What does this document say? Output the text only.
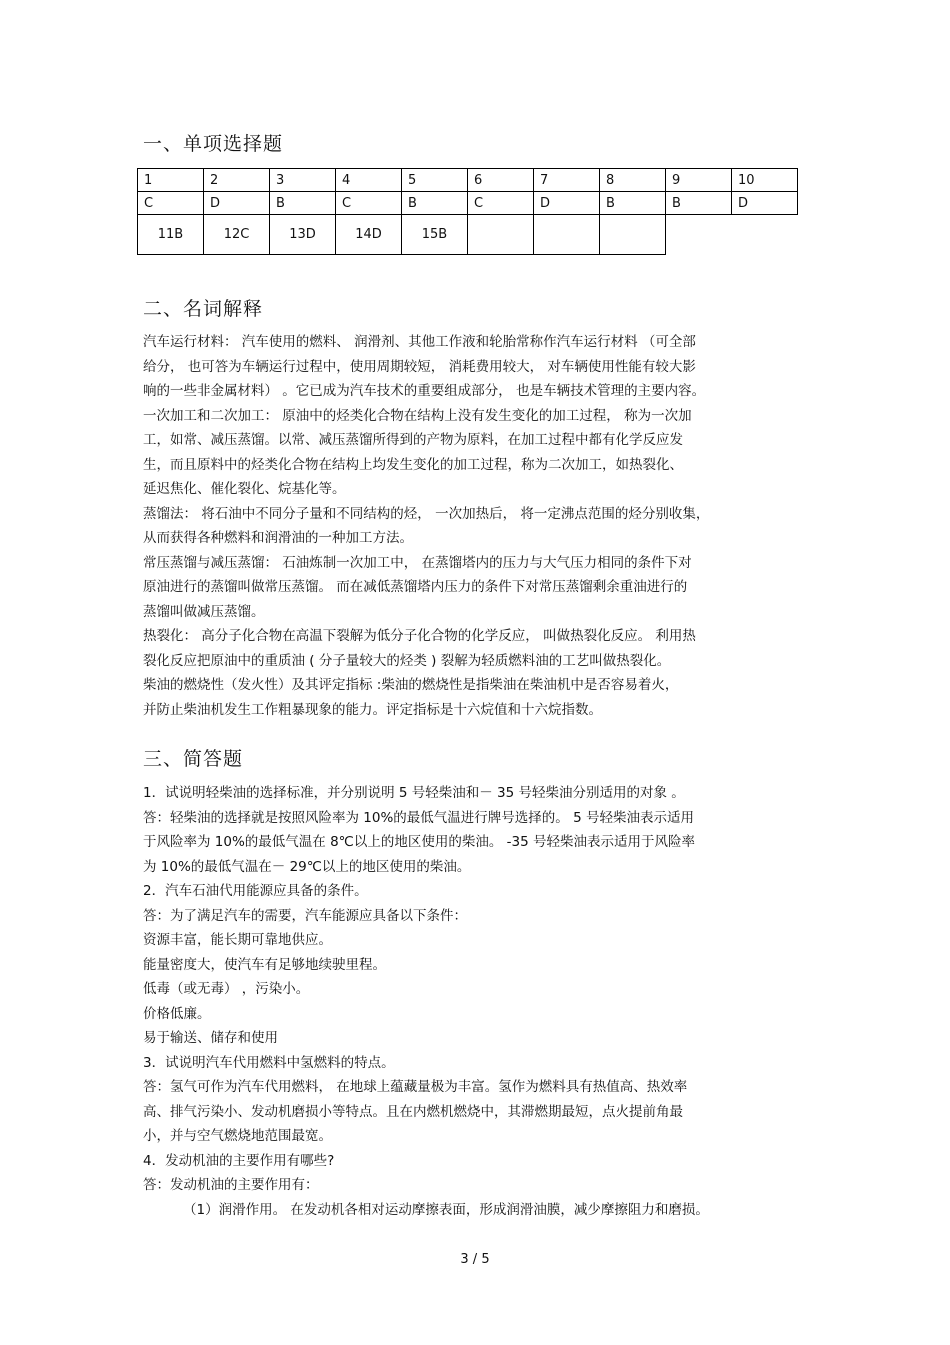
一、单项选择题
1	2	3	4	5	6	7	8	9	10
C	D	B	C	B	C	D	B	B	D
11B	12C	13D	14D	15B					
二、名词解释
汽车运行材料： 汽车使用的燃料、 润滑剂、其他工作液和轮胎常称作汽车运行材料 （可全部
给分， 也可答为车辆运行过程中，使用周期较短， 消耗费用较大， 对车辆使用性能有较大影
响的一些非金属材料） 。它已成为汽车技术的重要组成部分， 也是车辆技术管理的主要内容。
一次加工和二次加工： 原油中的烃类化合物在结构上没有发生变化的加工过程， 称为一次加
工，如常、减压蒸馏。以常、减压蒸馏所得到的产物为原料，在加工过程中都有化学反应发
生，而且原料中的烃类化合物在结构上均发生变化的加工过程，称为二次加工，如热裂化、
延迟焦化、催化裂化、烷基化等。
蒸馏法： 将石油中不同分子量和不同结构的烃， 一次加热后， 将一定沸点范围的烃分别收集，
从而获得各种燃料和润滑油的一种加工方法。
常压蒸馏与减压蒸馏： 石油炼制一次加工中， 在蒸馏塔内的压力与大气压力相同的条件下对
原油进行的蒸馏叫做常压蒸馏。 而在减低蒸馏塔内压力的条件下对常压蒸馏剩余重油进行的
蒸馏叫做减压蒸馏。
热裂化： 高分子化合物在高温下裂解为低分子化合物的化学反应， 叫做热裂化反应。 利用热
裂化反应把原油中的重质油 ( 分子量较大的烃类 ) 裂解为轻质燃料油的工艺叫做热裂化。
柴油的燃烧性（发火性）及其评定指标 :柴油的燃烧性是指柴油在柴油机中是否容易着火，
并防止柴油机发生工作粗暴现象的能力。评定指标是十六烷值和十六烷指数。
三、简答题
1．试说明轻柴油的选择标准，并分别说明 5 号轻柴油和－ 35 号轻柴油分别适用的对象 。
答：轻柴油的选择就是按照风险率为 10%的最低气温进行牌号选择的。 5 号轻柴油表示适用
于风险率为 10%的最低气温在 8℃以上的地区使用的柴油。 -35 号轻柴油表示适用于风险率
为 10%的最低气温在－ 29℃以上的地区使用的柴油。
2．汽车石油代用能源应具备的条件。
答：为了满足汽车的需要，汽车能源应具备以下条件：
资源丰富，能长期可靠地供应。
能量密度大，使汽车有足够地续驶里程。
低毒（或无毒） ，污染小。
价格低廉。
易于输送、储存和使用
3．试说明汽车代用燃料中氢燃料的特点。
答：氢气可作为汽车代用燃料， 在地球上蕴藏量极为丰富。氢作为燃料具有热值高、热效率
高、排气污染小、发动机磨损小等特点。且在内燃机燃烧中，其滞燃期最短，点火提前角最
小，并与空气燃烧地范围最宽。
4．发动机油的主要作用有哪些?
答：发动机油的主要作用有：
（1）润滑作用。 在发动机各相对运动摩擦表面，形成润滑油膜，减少摩擦阻力和磨损。
3 / 5
